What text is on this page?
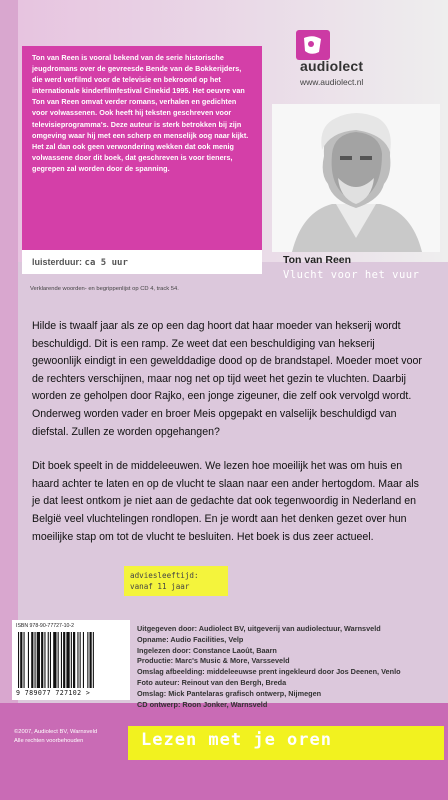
Ton van Reen is vooral bekend van de serie historische jeugdromans over de gevreesde Bende van de Bokkerijders, die werd verfilmd voor de televisie en bekroond op het internationale kinderfilmfestival Cinekid 1995. Het oeuvre van Ton van Reen omvat verder romans, verhalen en gedichten voor volwassenen. Ook heeft hij teksten geschreven voor televisieprogramma's. Deze auteur is sterk betrokken bij zijn omgeving waar hij met een scherp en menselijk oog naar kijkt. Het zal dan ook geen verwondering wekken dat ook menig volwassene door dit boek, dat geschreven is voor tieners, gegrepen zal worden door de spanning.

luisterduur: ca 5 uur
audiolect
www.audiolect.nl
Ton van Reen
Vlucht voor het vuur
Verklarende woorden- en begrippenlijst op CD 4, track 54.

Hilde is twaalf jaar als ze op een dag hoort dat haar moeder van hekserij wordt beschuldigd. Dit is een ramp. Ze weet dat een beschuldiging van hekserij gewoonlijk eindigt in een gewelddadige dood op de brandstapel. Moeder moet voor de rechters verschijnen, maar nog net op tijd weet het gezin te vluchten. Daarbij worden ze geholpen door Rajko, een jonge zigeuner, die zelf ook vervolgd wordt. Onderweg worden vader en broer Meis opgepakt en valselijk beschuldigd van diefstal. Zullen ze worden opgehangen?

Dit boek speelt in de middeleeuwen. We lezen hoe moeilijk het was om huis en haard achter te laten en op de vlucht te slaan naar een ander hertogdom. Maar als je dat leest ontkom je niet aan de gedachte dat ook tegenwoordig in Nederland en België veel vluchtelingen rondlopen. En je wordt aan het denken gezet over hun moeilijke stap om tot de vlucht te besluiten. Het boek is dus zeer actueel.

adviesleeftijd:
vanaf 11 jaar
ISBN 978-90-77727-10-2
9 789077 727102 >
Uitgegeven door: Audiolect BV, uitgeverij van audiolectuur, Warnsveld
Opname: Audio Facilities, Velp
Ingelezen door: Constance Laoût, Baarn
Productie: Marc's Music & More, Varsseveld
Omslag afbeelding: middeleeuwse prent ingekleurd door Jos Deenen, Venlo
Foto auteur: Reinout van den Bergh, Breda
Omslag: Mick Pantelaras grafisch ontwerp, Nijmegen
CD ontwerp: Roon Jonker, Warnsveld
©2007, Audiolect BV, Warnsveld
Alle rechten voorbehouden	Lezen met je oren
